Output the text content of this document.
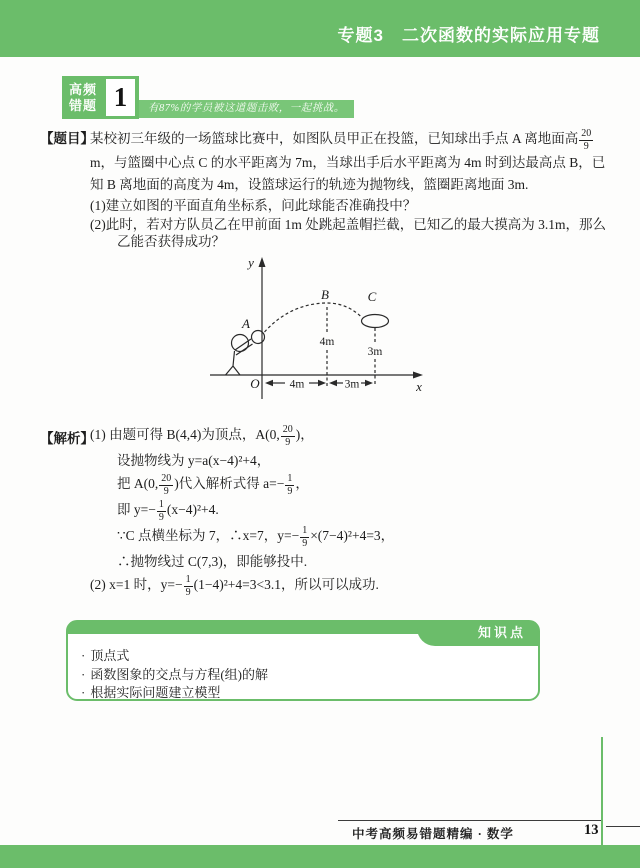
专题3　二次函数的实际应用专题
高频
错题 1	有87%的学员被这道题击败，一起挑战。
【题目】
某校初三年级的一场篮球比赛中，如图队员甲正在投篮，已知球出手点 A 离地面高 $\frac{20}{9}$
m，与篮圈中心点 C 的水平距离为 7m，当球出手后水平距离为 4m 时到达最高点 B，已知 B 离地面的高度为 4m，设篮球运行的轨迹为抛物线，篮圈距离地面 3m.
(1)建立如图的平面直角坐标系，问此球能否准确投中？
(2)此时，若对方队员乙在甲前面 1m 处跳起盖帽拦截，已知乙的最大摸高为 3.1m，那么乙能否获得成功？
y
x
O
A
B	C
4m
3m
4m	3m
【解析】
(1) 由题可得 B(4,4)为顶点，A(0, $\frac{20}{9}$ )，
设抛物线为 y=a(x−4)²+4，
把 A(0, $\frac{20}{9}$ )代入解析式得 $a=- \frac{1}{9}$ ，
即 $y=- \frac{1}{9} (x-4)^2+4$.
∵C 点横坐标为 7，∴x=7，$y=- \frac{1}{9} \times(7-4)^2+4=3$，
∴抛物线过 C(7,3)，即能够投中.
(2) x=1 时，$y=- \frac{1}{9} (1-4)^2+4=3<3.1$，所以可以成功.
知识点
· 顶点式
· 函数图象的交点与方程(组)的解
· 根据实际问题建立模型
中考高频易错题精编 · 数学	13
